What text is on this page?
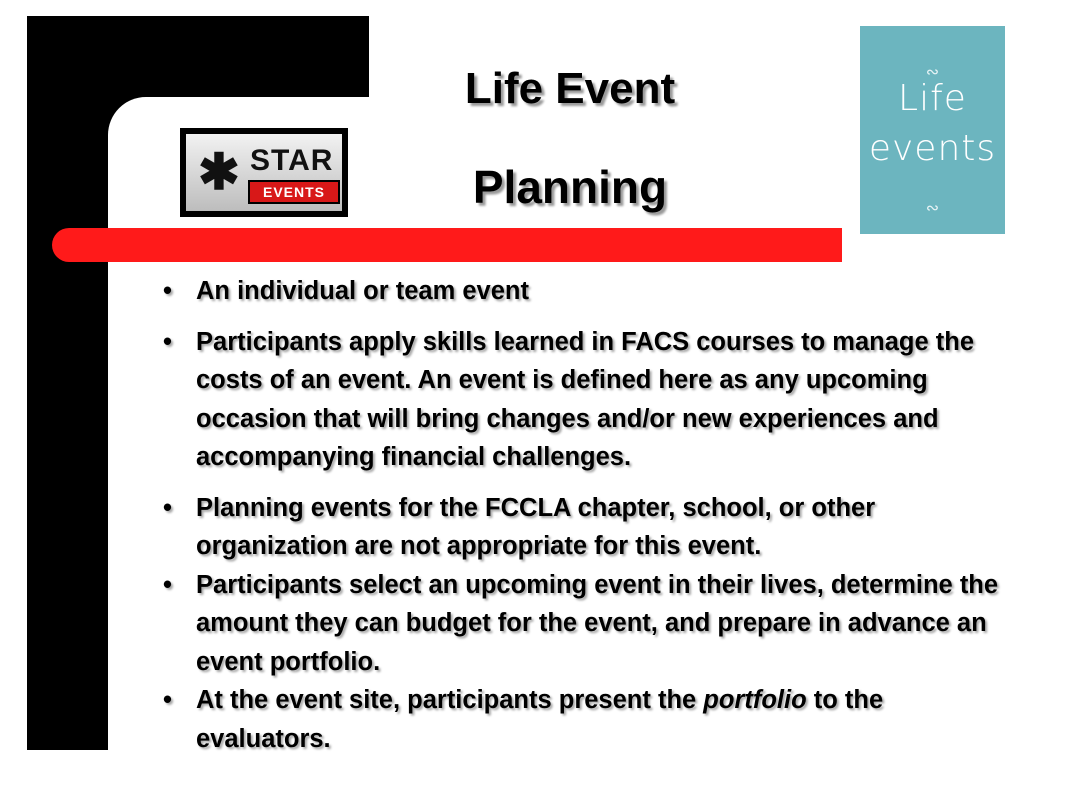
Life Event
Planning
✱ STAR
EVENTS
∾
Life
events
∾
• An individual or team event
• Participants apply skills learned in FACS courses to manage the costs of an event. An event is defined here as any upcoming occasion that will bring changes and/or new experiences and accompanying financial challenges.
• Planning events for the FCCLA chapter, school, or other organization are not appropriate for this event.
• Participants select an upcoming event in their lives, determine the amount they can budget for the event, and prepare in advance an event portfolio.
• At the event site, participants present the portfolio to the evaluators.
